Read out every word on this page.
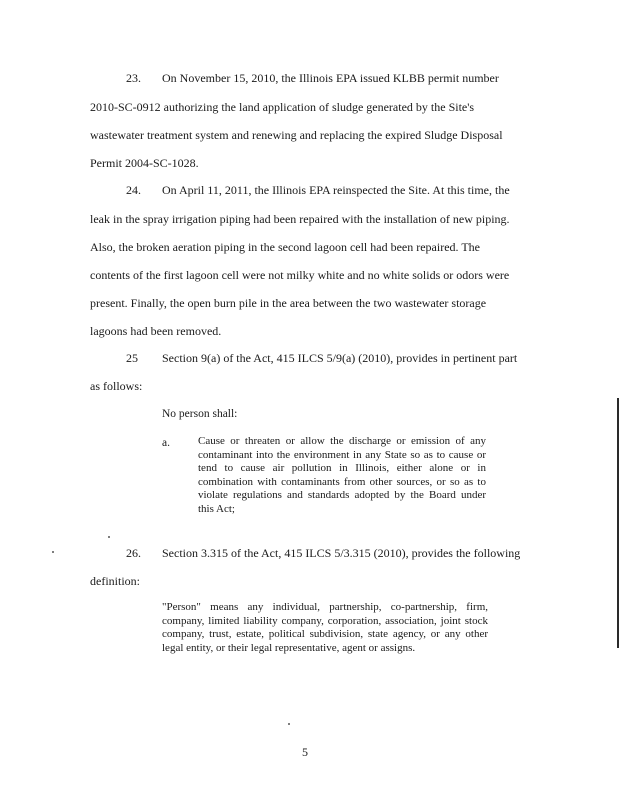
23. On November 15, 2010, the Illinois EPA issued KLBB permit number
2010-SC-0912 authorizing the land application of sludge generated by the Site's
wastewater treatment system and renewing and replacing the expired Sludge Disposal
Permit 2004-SC-1028.
24. On April 11, 2011, the Illinois EPA reinspected the Site. At this time, the
leak in the spray irrigation piping had been repaired with the installation of new piping.
Also, the broken aeration piping in the second lagoon cell had been repaired. The
contents of the first lagoon cell were not milky white and no white solids or odors were
present. Finally, the open burn pile in the area between the two wastewater storage
lagoons had been removed.
25 Section 9(a) of the Act, 415 ILCS 5/9(a) (2010), provides in pertinent part
as follows:
No person shall:
a.	Cause or threaten or allow the discharge or emission of any contaminant into the environment in any State so as to cause or tend to cause air pollution in Illinois, either alone or in combination with contaminants from other sources, or so as to violate regulations and standards adopted by the Board under this Act;
26. Section 3.315 of the Act, 415 ILCS 5/3.315 (2010), provides the following
definition:
"Person" means any individual, partnership, co-partnership, firm, company, limited liability company, corporation, association, joint stock company, trust, estate, political subdivision, state agency, or any other legal entity, or their legal representative, agent or assigns.
5
